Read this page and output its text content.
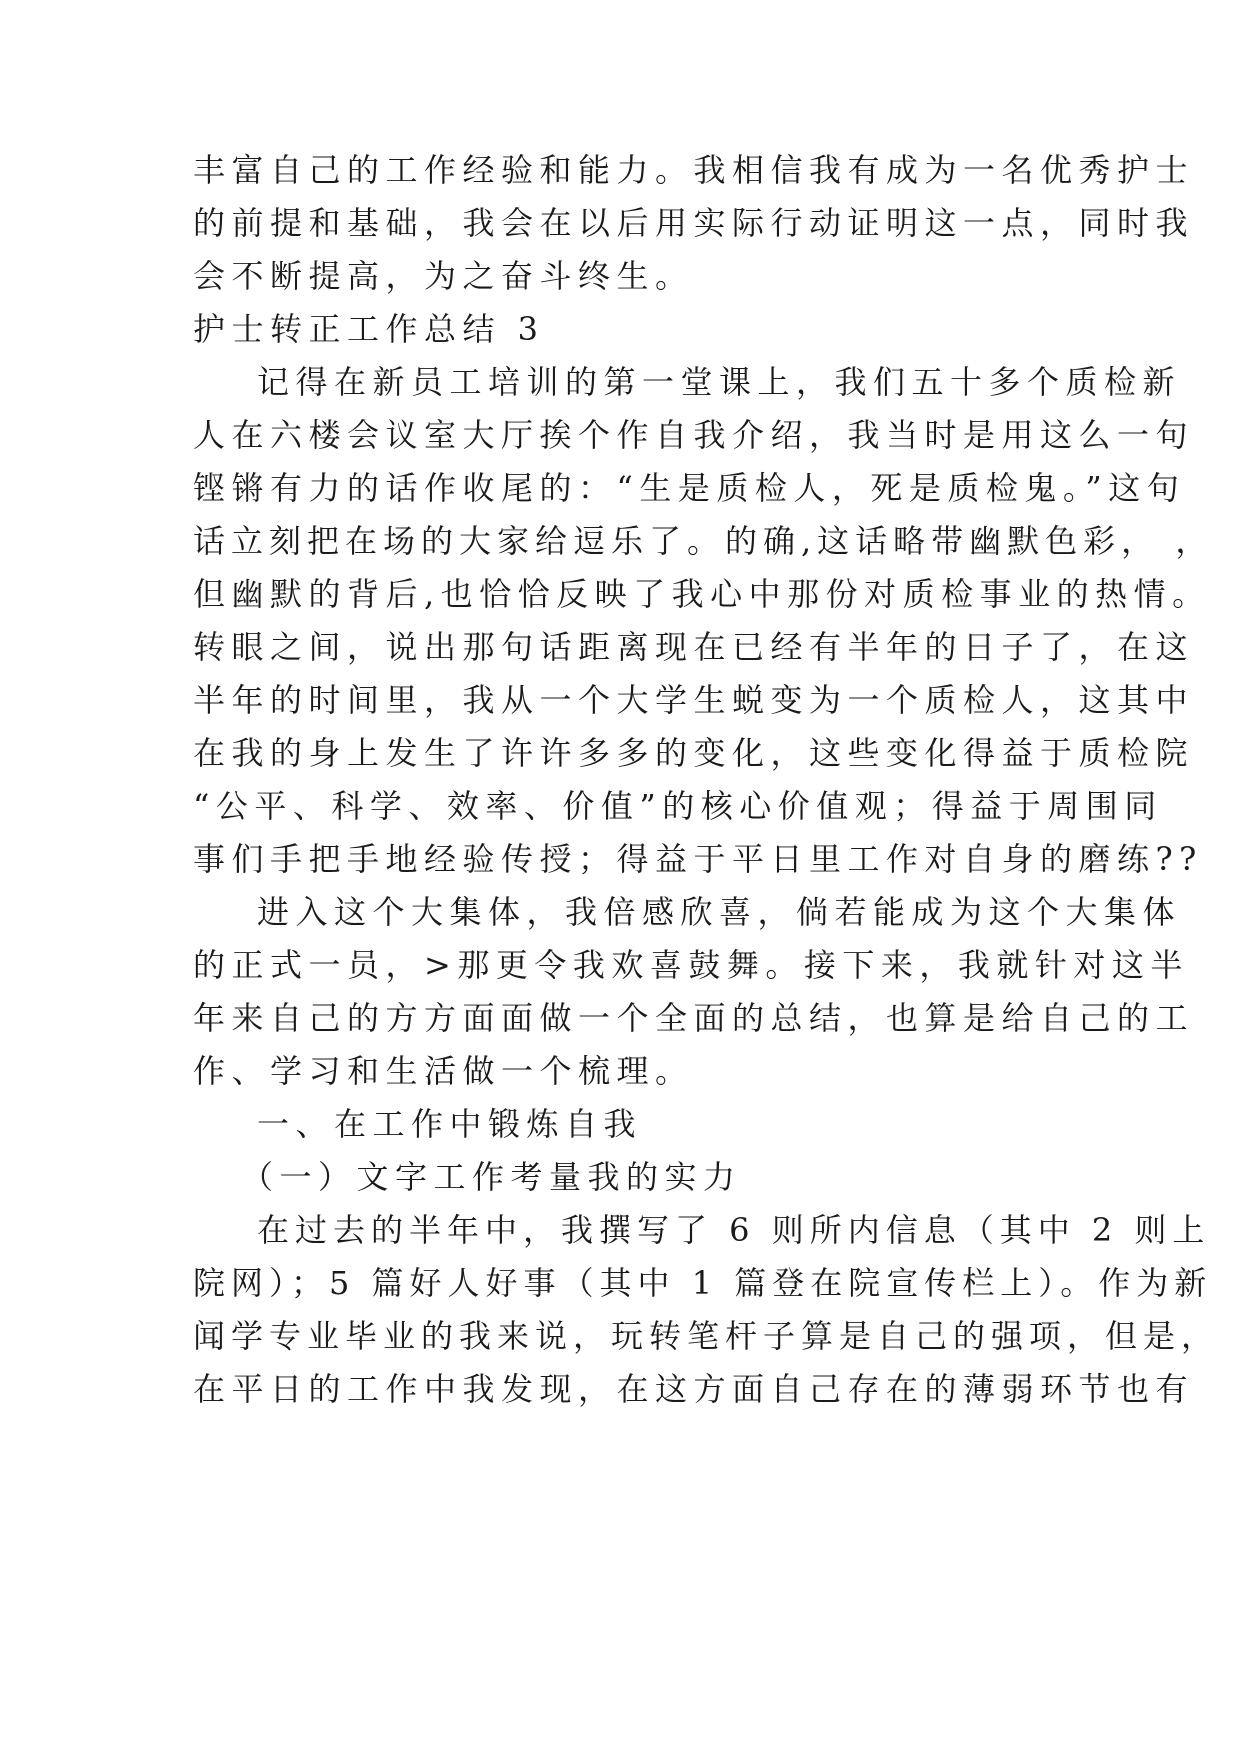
丰富自己的工作经验和能力。我相信我有成为一名优秀护士
的前提和基础，我会在以后用实际行动证明这一点，同时我
会不断提高，为之奋斗终生。
护士转正工作总结 3
记得在新员工培训的第一堂课上，我们五十多个质检新
人在六楼会议室大厅挨个作自我介绍，我当时是用这么一句
铿锵有力的话作收尾的：“生是质检人，死是质检鬼。”这句
话立刻把在场的大家给逗乐了。的确,这话略带幽默色彩， ，
但幽默的背后,也恰恰反映了我心中那份对质检事业的热情。
转眼之间，说出那句话距离现在已经有半年的日子了，在这
半年的时间里，我从一个大学生蜕变为一个质检人，这其中
在我的身上发生了许许多多的变化，这些变化得益于质检院
“公平、科学、效率、价值”的核心价值观；得益于周围同
事们手把手地经验传授；得益于平日里工作对自身的磨练??
进入这个大集体，我倍感欣喜，倘若能成为这个大集体
的正式一员，>那更令我欢喜鼓舞。接下来，我就针对这半
年来自己的方方面面做一个全面的总结，也算是给自己的工
作、学习和生活做一个梳理。
一、在工作中锻炼自我
（一）文字工作考量我的实力
在过去的半年中，我撰写了 6 则所内信息（其中 2 则上
院网）；5 篇好人好事（其中 1 篇登在院宣传栏上）。作为新
闻学专业毕业的我来说，玩转笔杆子算是自己的强项，但是，
在平日的工作中我发现，在这方面自己存在的薄弱环节也有
